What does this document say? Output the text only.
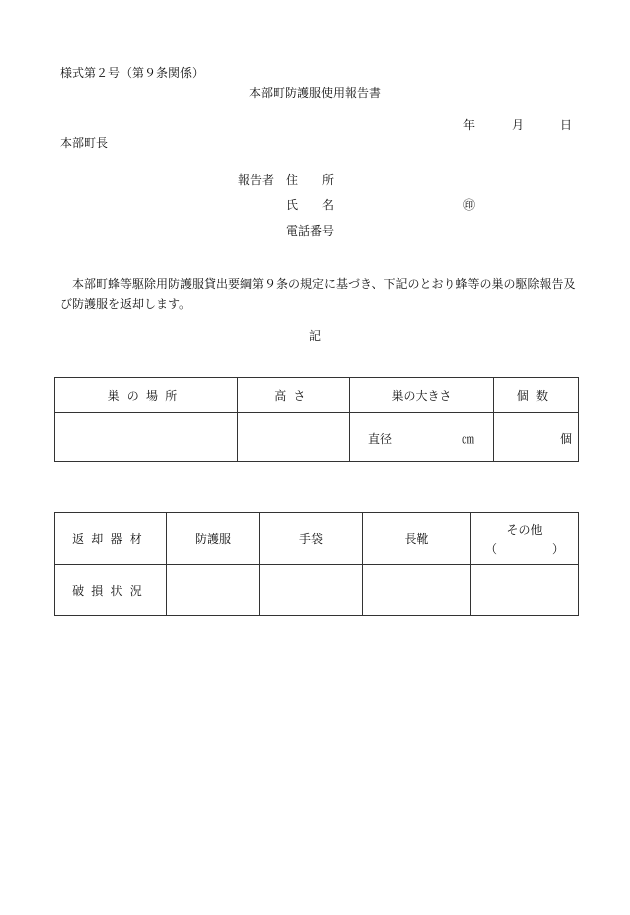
様式第２号（第９条関係）
本部町防護服使用報告書
年	月	日
本部町長
報告者 住　　所
氏　　名	㊞
電話番号
本部町蜂等駆除用防護服貸出要綱第９条の規定に基づき、下記のとおり蜂等の巣の駆除報告及
び防護服を返却します。
記
巣の場所	高さ	巣の大きさ	個数

		直径 ㎝	個
返却器材	防護服	手袋	長靴	その他
（ ）

破損状況				
